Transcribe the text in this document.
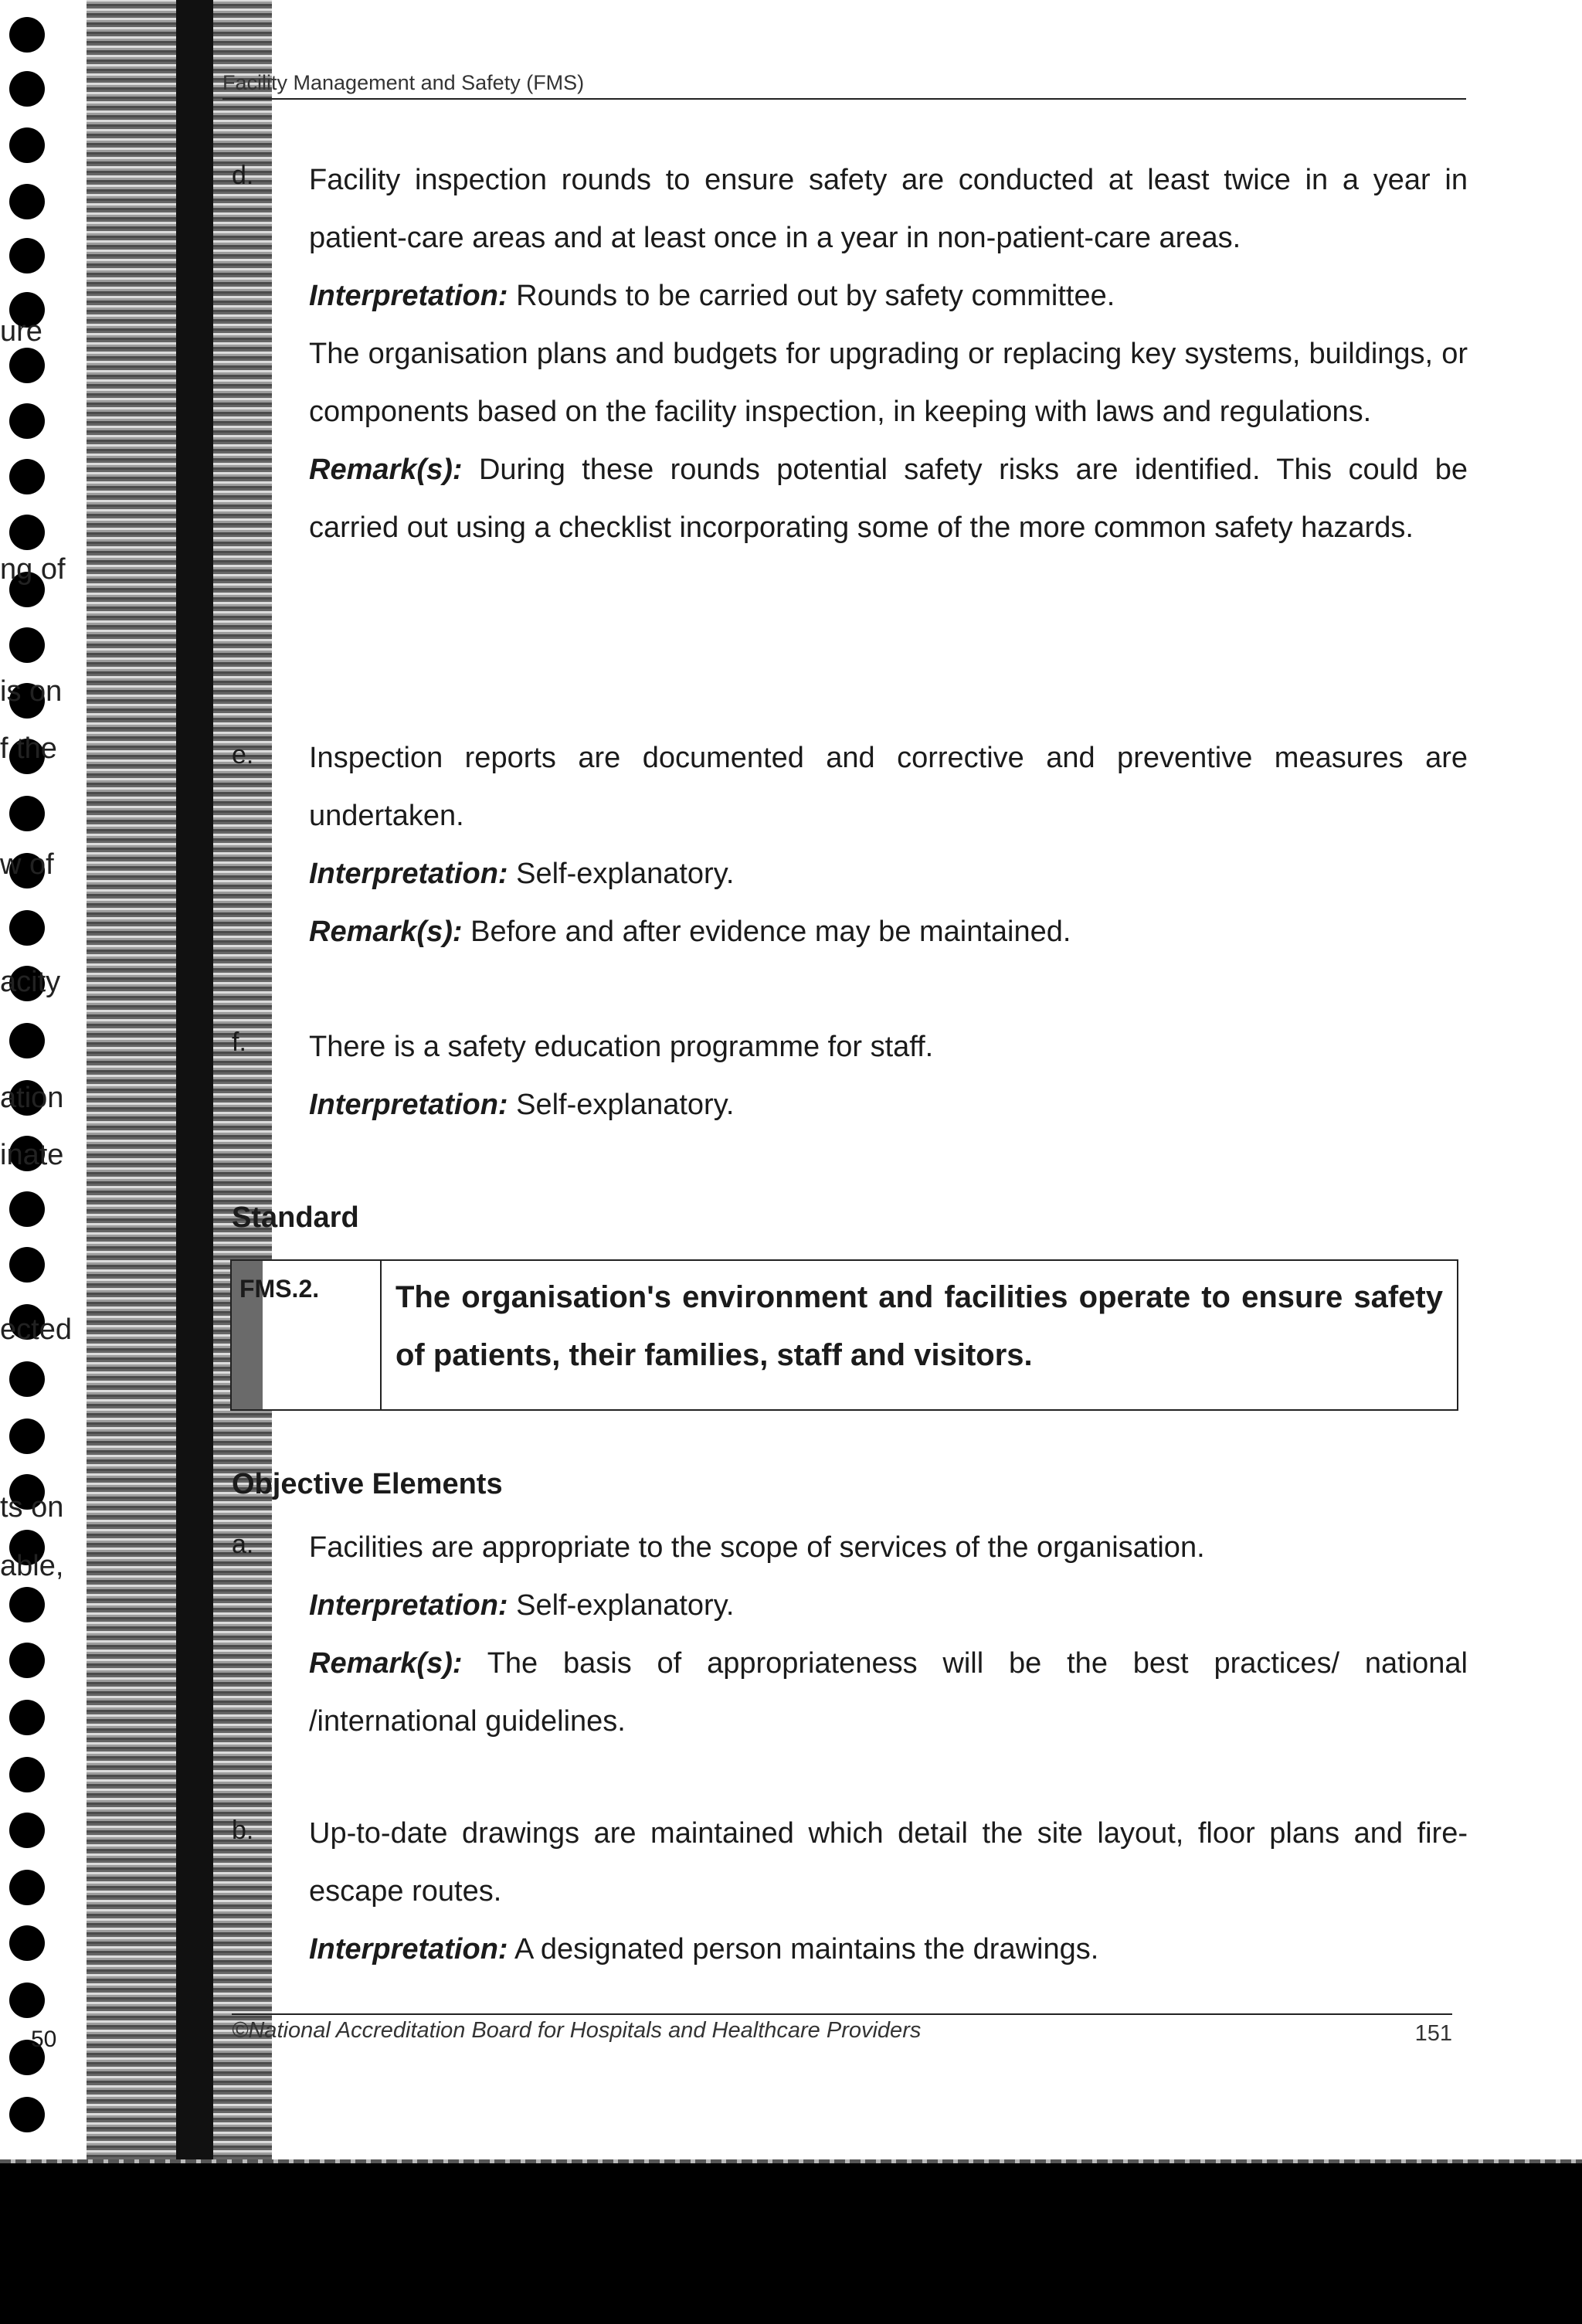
ure
ng of
is on
f the
w of
acity
ation
inate
ected
ts on
able,
50
Facility Management and Safety (FMS)
d. Facility inspection rounds to ensure safety are conducted at least twice in a year in patient-care areas and at least once in a year in non-patient-care areas.

Interpretation: Rounds to be carried out by safety committee.

The organisation plans and budgets for upgrading or replacing key systems, buildings, or components based on the facility inspection, in keeping with laws and regulations.

Remark(s): During these rounds potential safety risks are identified. This could be carried out using a checklist incorporating some of the more common safety hazards.

e. Inspection reports are documented and corrective and preventive measures are undertaken.

Interpretation: Self-explanatory.

Remark(s): Before and after evidence may be maintained.

f. There is a safety education programme for staff.

Interpretation: Self-explanatory.

Standard
FMS.2.	The organisation's environment and facilities operate to ensure safety of patients, their families, staff and visitors.
Objective Elements
a. Facilities are appropriate to the scope of services of the organisation.

Interpretation: Self-explanatory.

Remark(s): The basis of appropriateness will be the best practices/ national /international guidelines.

b. Up-to-date drawings are maintained which detail the site layout, floor plans and fire-escape routes.

Interpretation: A designated person maintains the drawings.

©National Accreditation Board for Hospitals and Healthcare Providers	151
